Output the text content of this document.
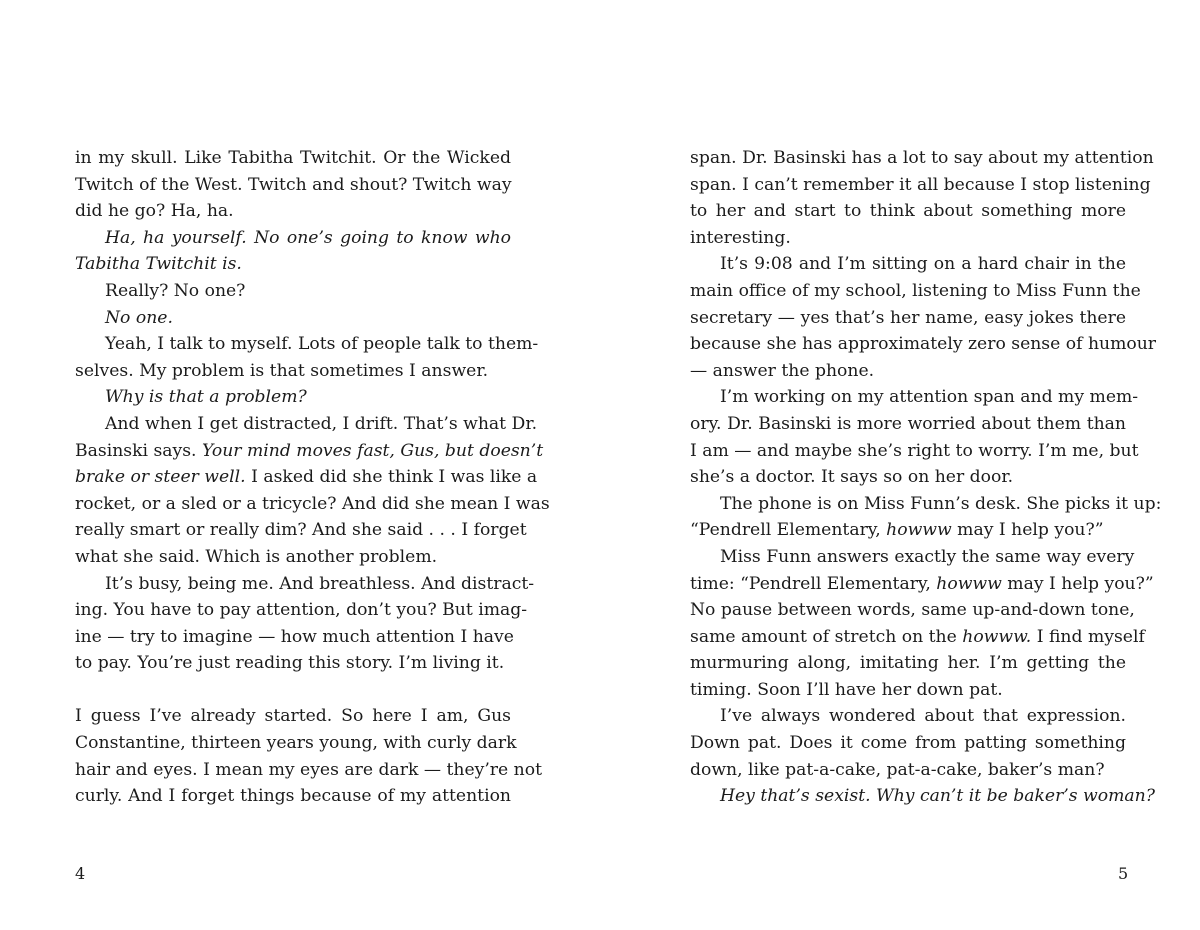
in my skull. Like Tabitha Twitchit. Or the Wicked
Twitch of the West. Twitch and shout? Twitch way
did he go? Ha, ha.
Ha, ha yourself. No one’s going to know who
Tabitha Twitchit is.
Really? No one?
No one.
Yeah, I talk to myself. Lots of people talk to them-
selves. My problem is that sometimes I answer.
Why is that a problem?
And when I get distracted, I drift. That’s what Dr.
Basinski says. Your mind moves fast, Gus, but doesn’t
brake or steer well. I asked did she think I was like a
rocket, or a sled or a tricycle? And did she mean I was
really smart or really dim? And she said . . . I forget
what she said. Which is another problem.
It’s busy, being me. And breathless. And distract-
ing. You have to pay attention, don’t you? But imag-
ine — try to imagine — how much attention I have
to pay. You’re just reading this story. I’m living it.
I guess I’ve already started. So here I am, Gus
Constantine, thirteen years young, with curly dark
hair and eyes. I mean my eyes are dark — they’re not
curly. And I forget things because of my attention
span. Dr. Basinski has a lot to say about my attention
span. I can’t remember it all because I stop listening
to her and start to think about something more
interesting.
It’s 9:08 and I’m sitting on a hard chair in the
main office of my school, listening to Miss Funn the
secretary — yes that’s her name, easy jokes there
because she has approximately zero sense of humour
— answer the phone.
I’m working on my attention span and my mem-
ory. Dr. Basinski is more worried about them than
I am — and maybe she’s right to worry. I’m me, but
she’s a doctor. It says so on her door.
The phone is on Miss Funn’s desk. She picks it up:
“Pendrell Elementary, howww may I help you?”
Miss Funn answers exactly the same way every
time: “Pendrell Elementary, howww may I help you?”
No pause between words, same up-and-down tone,
same amount of stretch on the howww. I find myself
murmuring along, imitating her. I’m getting the
timing. Soon I’ll have her down pat.
I’ve always wondered about that expression.
Down pat. Does it come from patting something
down, like pat-a-cake, pat-a-cake, baker’s man?
Hey that’s sexist. Why can’t it be baker’s woman?
4	5
